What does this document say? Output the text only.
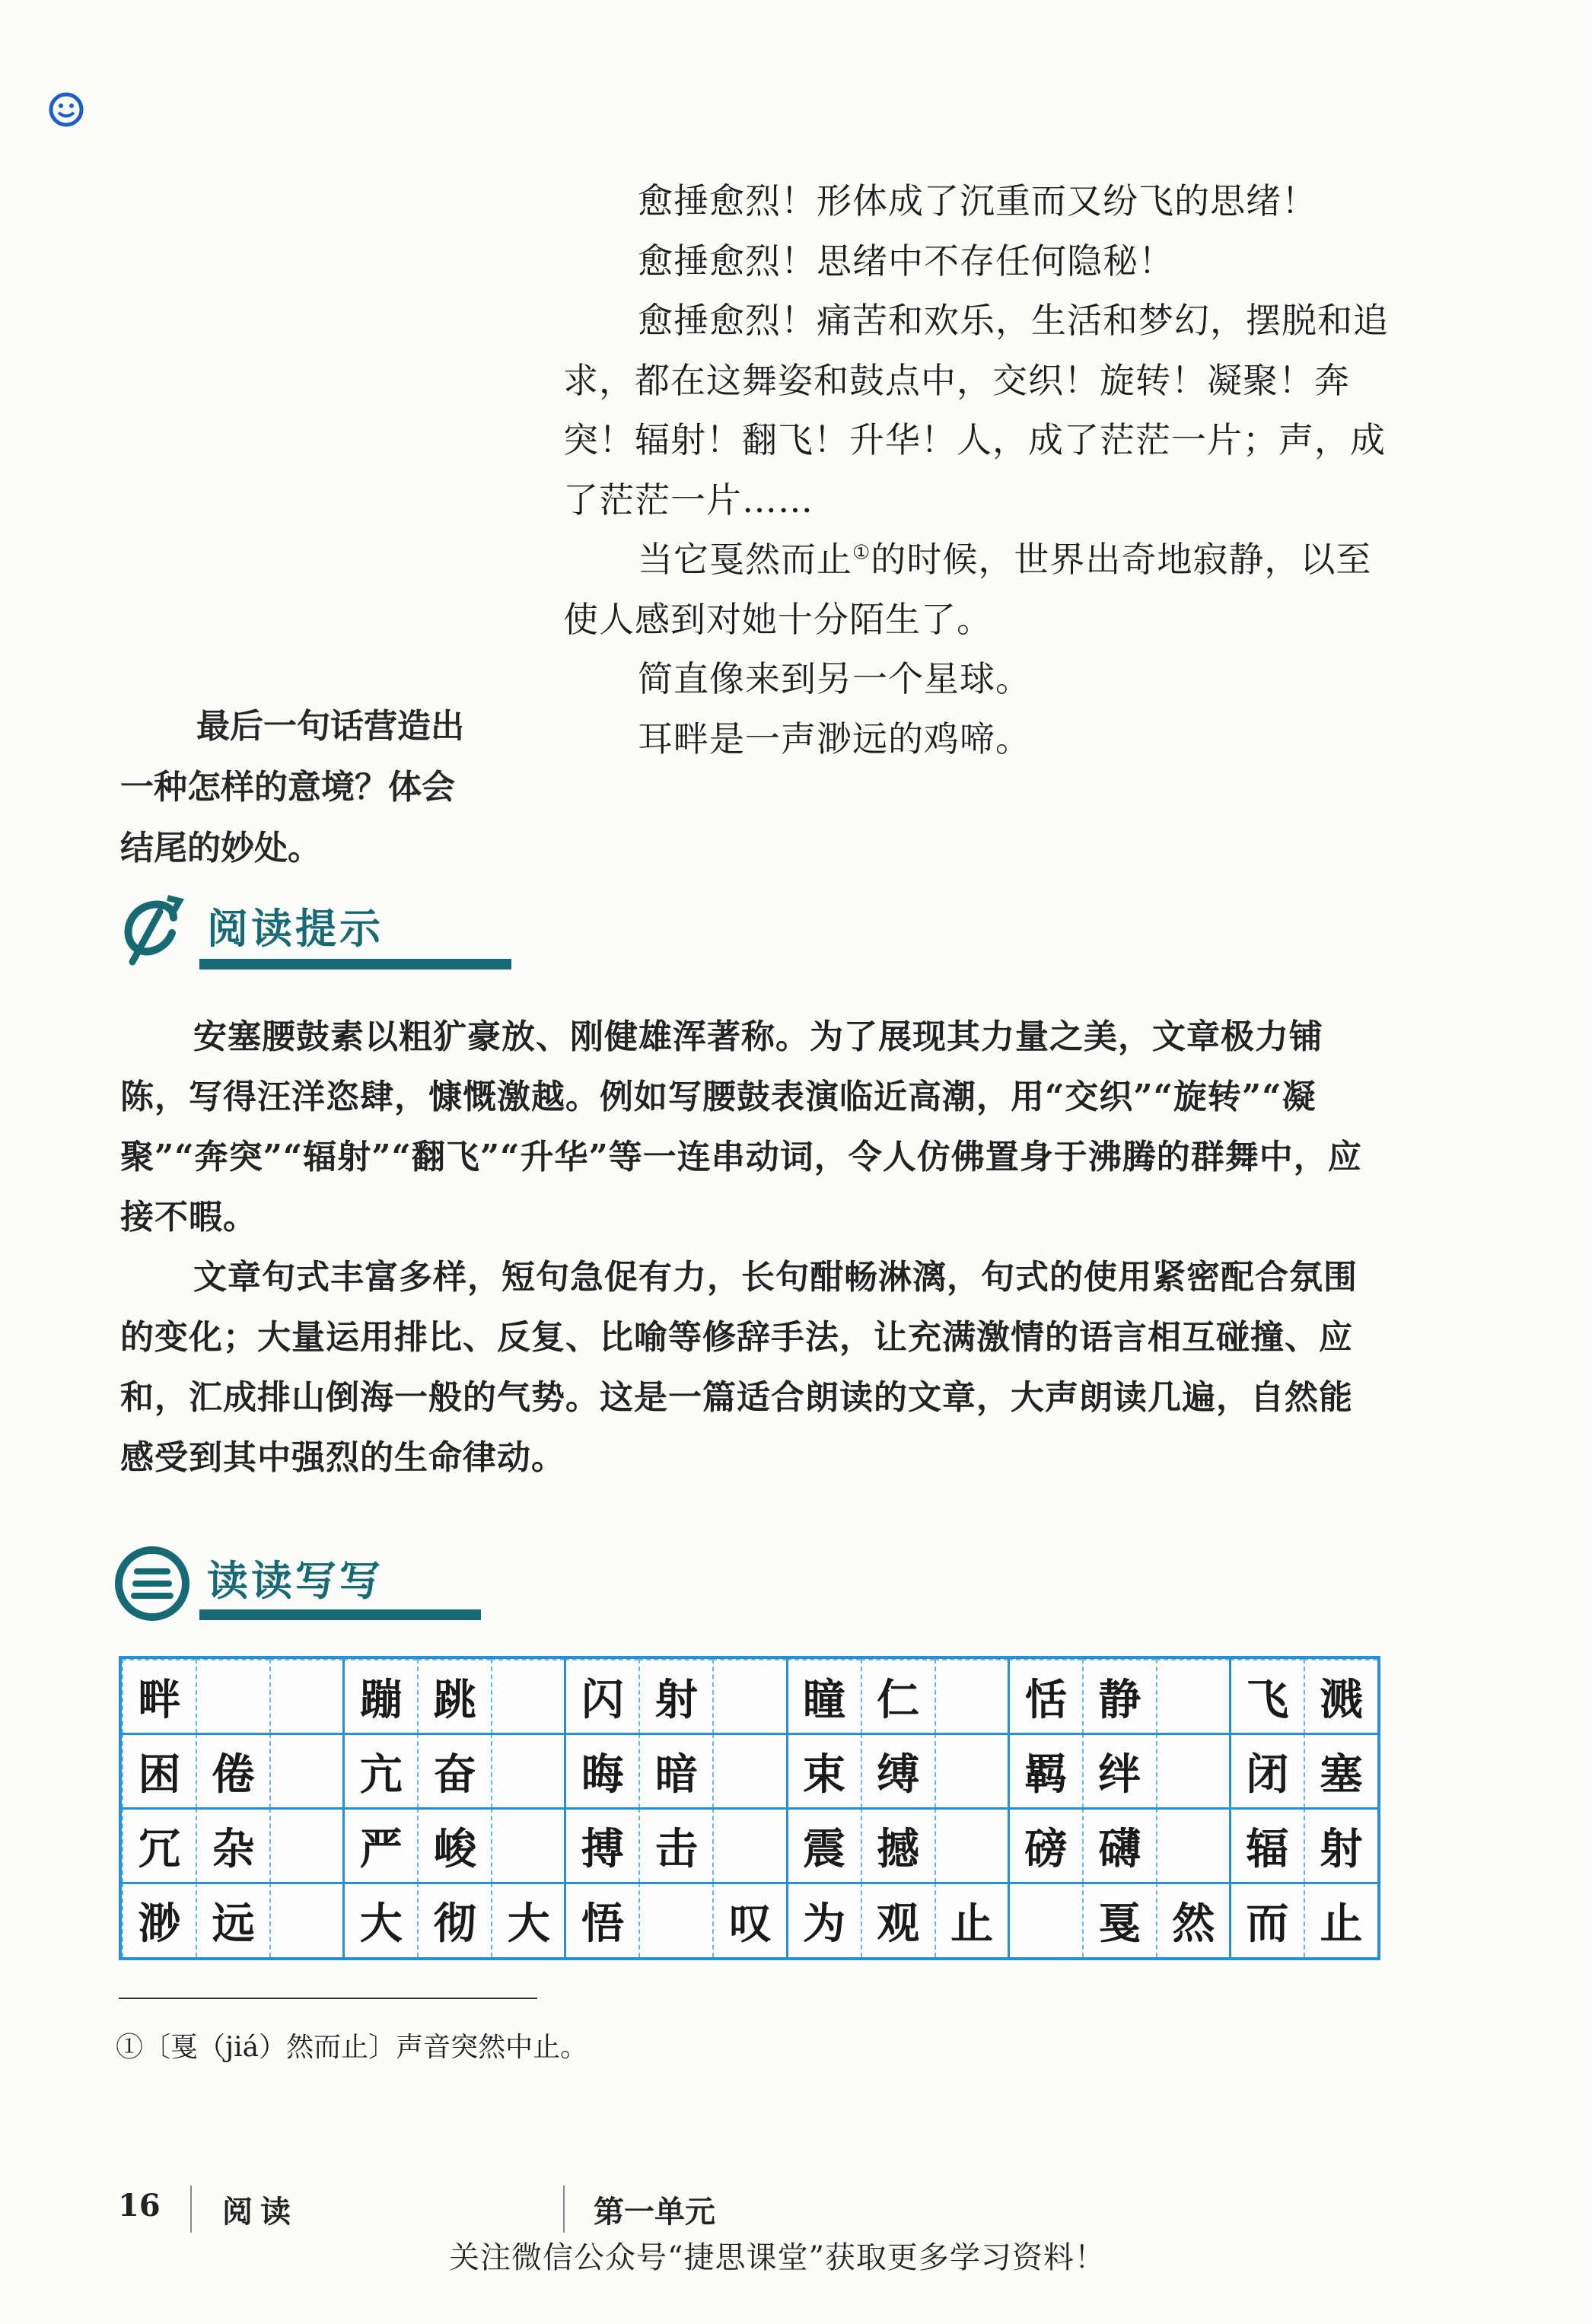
愈捶愈烈！形体成了沉重而又纷飞的思绪！

愈捶愈烈！思绪中不存任何隐秘！

愈捶愈烈！痛苦和欢乐，生活和梦幻，摆脱和追求，都在这舞姿和鼓点中，交织！旋转！凝聚！奔突！辐射！翻飞！升华！人，成了茫茫一片；声，成了茫茫一片……

当它戛然而止①的时候，世界出奇地寂静，以至使人感到对她十分陌生了。

简直像来到另一个星球。

耳畔是一声渺远的鸡啼。

最后一句话营造出
一种怎样的意境？体会
结尾的妙处。
阅读提示

安塞腰鼓素以粗犷豪放、刚健雄浑著称。为了展现其力量之美，文章极力铺陈，写得汪洋恣肆，慷慨激越。例如写腰鼓表演临近高潮，用“交织”“旋转”“凝聚”“奔突”“辐射”“翻飞”“升华”等一连串动词，令人仿佛置身于沸腾的群舞中，应接不暇。

文章句式丰富多样，短句急促有力，长句酣畅淋漓，句式的使用紧密配合氛围的变化；大量运用排比、反复、比喻等修辞手法，让充满激情的语言相互碰撞、应和，汇成排山倒海一般的气势。这是一篇适合朗读的文章，大声朗读几遍，自然能感受到其中强烈的生命律动。

读读写写
畔	蹦 跳	闪 射	瞳 仁	恬 静	飞 溅
困 倦	亢 奋	晦 暗	束 缚	羁 绊	闭 塞
冗 杂	严 峻	搏 击	震 撼	磅 礴	辐 射
渺 远	大 彻 大 悟	叹 为 观 止	戛 然 而 止
①〔戛（jiá）然而止〕声音突然中止。
16 阅读	第一单元
关注微信公众号“捷思课堂”获取更多学习资料！
